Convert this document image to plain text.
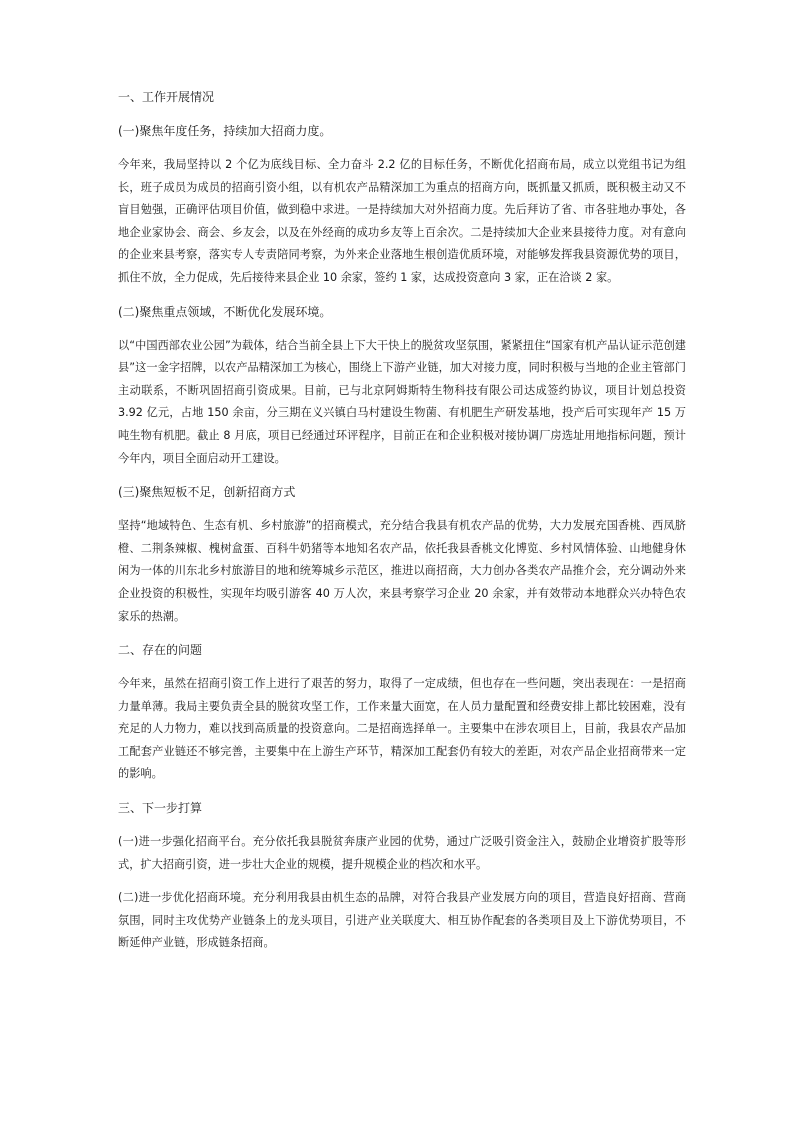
一、工作开展情况
(一)聚焦年度任务，持续加大招商力度。

今年来，我局坚持以 2 个亿为底线目标、全力奋斗 2.2 亿的目标任务，不断优化招商布局，成立以党组书记为组长，班子成员为成员的招商引资小组，以有机农产品精深加工为重点的招商方向，既抓量又抓质，既积极主动又不盲目勉强，正确评估项目价值，做到稳中求进。一是持续加大对外招商力度。先后拜访了省、市各驻地办事处，各地企业家协会、商会、乡友会，以及在外经商的成功乡友等上百余次。二是持续加大企业来县接待力度。对有意向的企业来县考察，落实专人专责陪同考察，为外来企业落地生根创造优质环境，对能够发挥我县资源优势的项目，抓住不放，全力促成，先后接待来县企业 10 余家，签约 1 家，达成投资意向 3 家，正在洽谈 2 家。

(二)聚焦重点领域，不断优化发展环境。

以“中国西部农业公园”为载体，结合当前全县上下大干快上的脱贫攻坚氛围，紧紧扭住“国家有机产品认证示范创建县”这一金字招牌，以农产品精深加工为核心，围绕上下游产业链，加大对接力度，同时积极与当地的企业主管部门主动联系，不断巩固招商引资成果。目前，已与北京阿姆斯特生物科技有限公司达成签约协议，项目计划总投资 3.92 亿元，占地 150 余亩，分三期在义兴镇白马村建设生物菌、有机肥生产研发基地，投产后可实现年产 15 万吨生物有机肥。截止 8 月底，项目已经通过环评程序，目前正在和企业积极对接协调厂房选址用地指标问题，预计今年内，项目全面启动开工建设。

(三)聚焦短板不足，创新招商方式

坚持“地域特色、生态有机、乡村旅游”的招商模式，充分结合我县有机农产品的优势，大力发展充国香桃、西凤脐橙、二荆条辣椒、槐树盒蛋、百科牛奶猪等本地知名农产品，依托我县香桃文化博览、乡村风情体验、山地健身休闲为一体的川东北乡村旅游目的地和统筹城乡示范区，推进以商招商，大力创办各类农产品推介会，充分调动外来企业投资的积极性，实现年均吸引游客 40 万人次，来县考察学习企业 20 余家，并有效带动本地群众兴办特色农家乐的热潮。

二、存在的问题

今年来，虽然在招商引资工作上进行了艰苦的努力，取得了一定成绩，但也存在一些问题，突出表现在：一是招商力量单薄。我局主要负责全县的脱贫攻坚工作，工作来量大面宽，在人员力量配置和经费安排上都比较困难，没有充足的人力物力，难以找到高质量的投资意向。二是招商选择单一。主要集中在涉农项目上，目前，我县农产品加工配套产业链还不够完善，主要集中在上游生产环节，精深加工配套仍有较大的差距，对农产品企业招商带来一定的影响。

三、下一步打算

(一)进一步强化招商平台。充分依托我县脱贫奔康产业园的优势，通过广泛吸引资金注入，鼓励企业增资扩股等形式，扩大招商引资，进一步壮大企业的规模，提升规模企业的档次和水平。

(二)进一步优化招商环境。充分利用我县由机生态的品牌，对符合我县产业发展方向的项目，营造良好招商、营商氛围，同时主攻优势产业链条上的龙头项目，引进产业关联度大、相互协作配套的各类项目及上下游优势项目，不断延伸产业链，形成链条招商。
